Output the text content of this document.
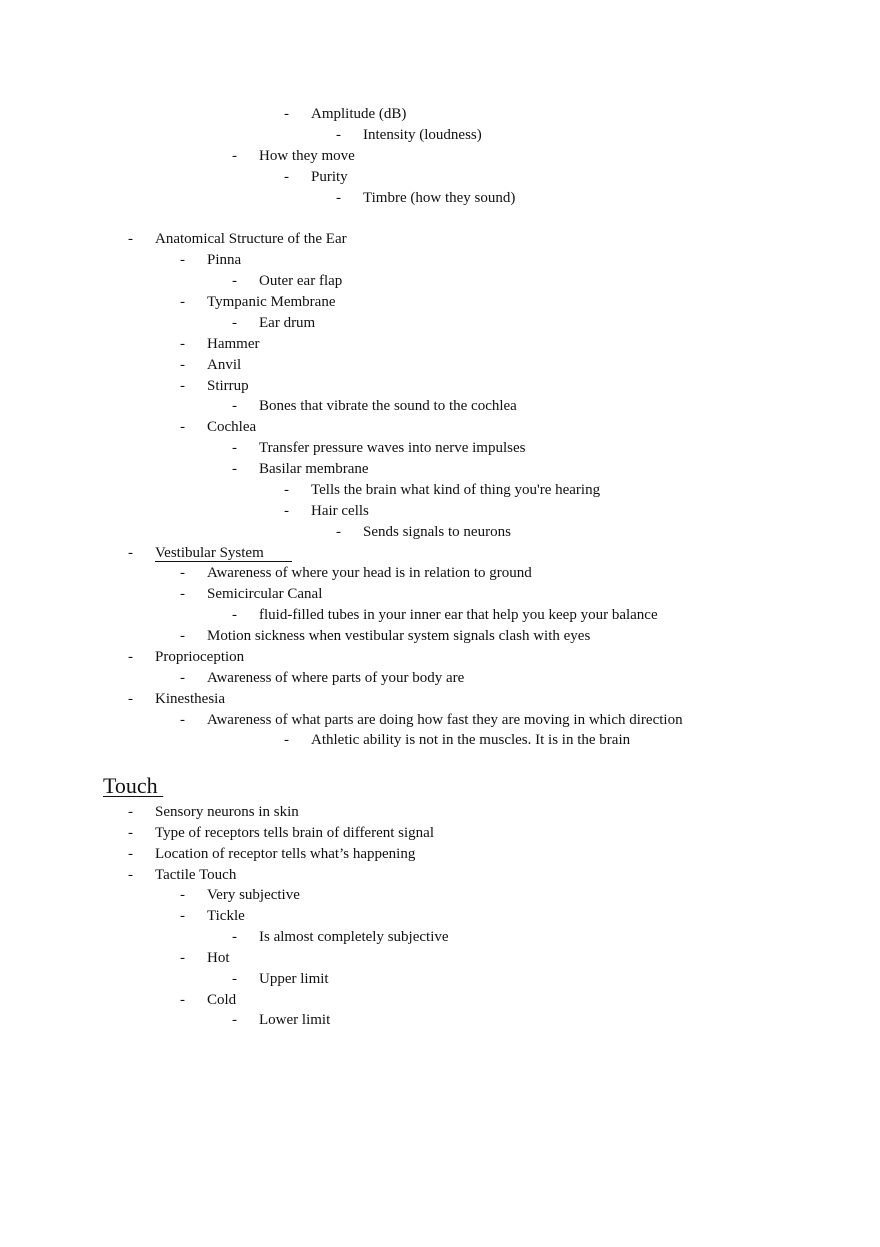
-	Amplitude (dB)
-	Intensity (loudness)
-	How they move
-	Purity
-	Timbre (how they sound)
-	Anatomical Structure of the Ear
-	Pinna
-	Outer ear flap
-	Tympanic Membrane
-	Ear drum
-	Hammer
-	Anvil
-	Stirrup
-	Bones that vibrate the sound to the cochlea
-	Cochlea
-	Transfer pressure waves into nerve impulses
-	Basilar membrane
-	Tells the brain what kind of thing you're hearing
-	Hair cells
-	Sends signals to neurons
-	Vestibular System
-	Awareness of where your head is in relation to ground
-	Semicircular Canal
-	fluid-filled tubes in your inner ear that help you keep your balance
-	Motion sickness when vestibular system signals clash with eyes
-	Proprioception
-	Awareness of where parts of your body are
-	Kinesthesia
-	Awareness of what parts are doing how fast they are moving in which direction
-	Athletic ability is not in the muscles. It is in the brain
Touch
-	Sensory neurons in skin
-	Type of receptors tells brain of different signal
-	Location of receptor tells what’s happening
-	Tactile Touch
-	Very subjective
-	Tickle
-	Is almost completely subjective
-	Hot
-	Upper limit
-	Cold
-	Lower limit
